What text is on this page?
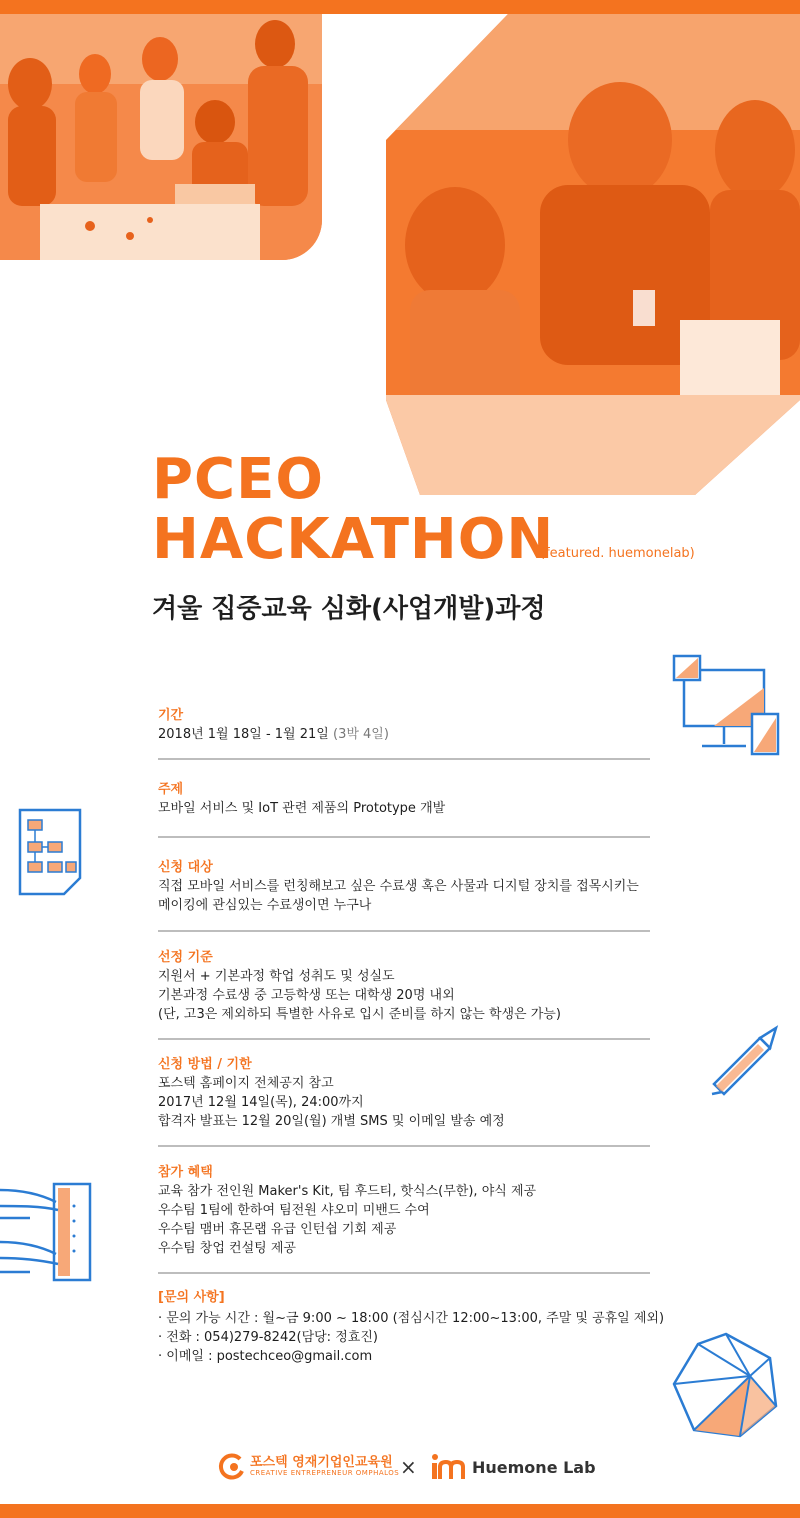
PCEO
HACKATHON
(featured. huemonelab)
겨울 집중교육 심화(사업개발)과정
기간
2018년 1월 18일 - 1월 21일 (3박 4일)
주제
모바일 서비스 및 IoT 관련 제품의 Prototype 개발
신청 대상
직접 모바일 서비스를 런칭해보고 싶은 수료생 혹은 사물과 디지털 장치를 접목시키는
메이킹에 관심있는 수료생이면 누구나
선정 기준
지원서 + 기본과정 학업 성취도 및 성실도
기본과정 수료생 중 고등학생 또는 대학생 20명 내외
(단, 고3은 제외하되 특별한 사유로 입시 준비를 하지 않는 학생은 가능)
신청 방법 / 기한
포스텍 홈페이지 전체공지 참고
2017년 12월 14일(목), 24:00까지
합격자 발표는 12월 20일(월) 개별 SMS 및 이메일 발송 예정
참가 혜택
교육 참가 전인원 Maker's Kit, 팀 후드티, 핫식스(무한), 야식 제공
우수팀 1팀에 한하여 팀전원 샤오미 미밴드 수여
우수팀 맴버 휴몬랩 유급 인턴쉽 기회 제공
우수팀 창업 컨설팅 제공
[문의 사항]
· 문의 가능 시간 : 월~금 9:00 ~ 18:00 (점심시간 12:00~13:00, 주말 및 공휴일 제외)
· 전화 : 054)279-8242(담당: 정효진)
· 이메일 : postechceo@gmail.com
포스텍 영재기업인교육원
CREATIVE ENTREPRENEUR OMPHALOS ×	Huemone Lab
